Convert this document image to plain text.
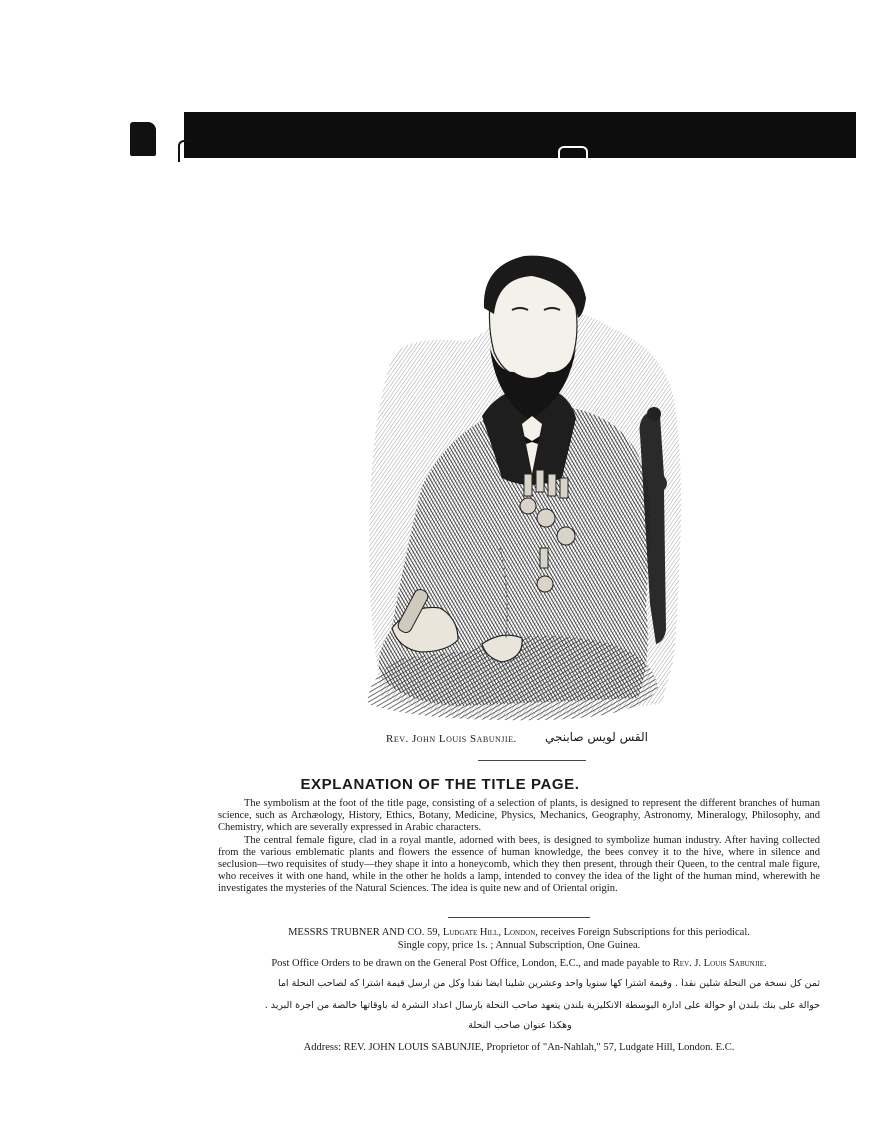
Rev. John Louis Sabunjie. القس لويس صابنجي
EXPLANATION OF THE TITLE PAGE.

The symbolism at the foot of the title page, consisting of a selection of plants, is designed to represent the different branches of human science, such as Archæology, History, Ethics, Botany, Medicine, Physics, Mechanics, Geography, Astronomy, Mineralogy, Philosophy, and Chemistry, which are severally expressed in Arabic characters.

The central female figure, clad in a royal mantle, adorned with bees, is designed to symbolize human industry. After having collected from the various emblematic plants and flowers the essence of human knowledge, the bees convey it to the hive, where in silence and seclusion—two requisites of study—they shape it into a honeycomb, which they then present, through their Queen, to the central male figure, who receives it with one hand, while in the other he holds a lamp, intended to convey the idea of the light of the human mind, wherewith he investigates the mysteries of the Natural Sciences. The idea is quite new and of Oriental origin.

MESSRS TRUBNER AND CO. 59, Ludgate Hill, London, receives Foreign Subscriptions for this periodical.
Single copy, price 1s. ; Annual Subscription, One Guinea.
Post Office Orders to be drawn on the General Post Office, London, E.C., and made payable to Rev. J. Louis Sabunjie.
ثمن كل نسخة من النحلة شلين نقداً . وقيمة اشترا كها سنوياً واحد وعشرين شليناً ايضاً نقداً وكل من ارسل قيمة اشترا كه لصاحب النحلة اما
حوالة على بنك بلندن او حوالة على ادارة البوسطة الانكليزية بلندن يتعهد صاحب النحلة بارسال اعداد النشرة له باوقاتها خالصة من اجرة البريد .
وهكذا عنوان صاحب النحلة
Address: REV. JOHN LOUIS SABUNJIE, Proprietor of "An-Nahlah," 57, Ludgate Hill, London. E.C.
